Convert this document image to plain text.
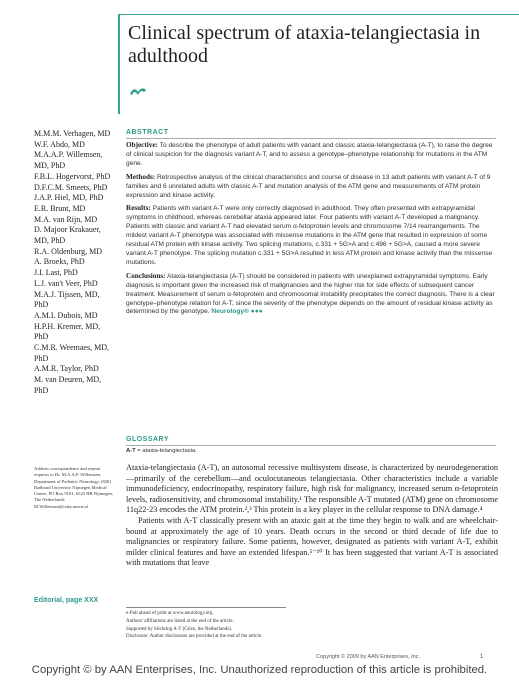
Clinical spectrum of ataxia-telangiectasia in adulthood
M.M.M. Verhagen, MD
W.F. Abdo, MD
M.A.A.P. Willemsen, MD, PhD
F.B.L. Hogervorst, PhD
D.F.C.M. Smeets, PhD
J.A.P. Hiel, MD, PhD
E.R. Brunt, MD
M.A. van Rijn, MD
D. Majoor Krakauer, MD, PhD
R.A. Oldenburg, MD
A. Broeks, PhD
J.I. Last, PhD
L.J. van't Veer, PhD
M.A.J. Tijssen, MD, PhD
A.M.I. Dubois, MD
H.P.H. Kremer, MD, PhD
C.M.R. Weemaes, MD, PhD
A.M.R. Taylor, PhD
M. van Deuren, MD, PhD
Address correspondence and reprint requests to Dr. M.A.A.P. Willemsen, Department of Pediatric Neurology, (820) Radboud University Nijmegen Medical Centre, PO Box 9101, 6525 HB Nijmegen, The Netherlands M.Willemsen@cukz.umcn.nl
Editorial, page XXX
ABSTRACT

Objective: To describe the phenotype of adult patients with variant and classic ataxia-telangiectasia (A-T), to raise the degree of clinical suspicion for the diagnosis variant A-T, and to assess a genotype–phenotype relationship for mutations in the ATM gene.

Methods: Retrospective analysis of the clinical characteristics and course of disease in 13 adult patients with variant A-T of 9 families and 6 unrelated adults with classic A-T and mutation analysis of the ATM gene and measurements of ATM protein expression and kinase activity.

Results: Patients with variant A-T were only correctly diagnosed in adulthood. They often presented with extrapyramidal symptoms in childhood, whereas cerebellar ataxia appeared later. Four patients with variant A-T developed a malignancy. Patients with classic and variant A-T had elevated serum α-fetoprotein levels and chromosome 7/14 rearrangements. The mildest variant A-T phenotype was associated with missense mutations in the ATM gene that resulted in expression of some residual ATM protein with kinase activity. Two splicing mutations, c.331 + 5G>A and c.496 + 5G>A, caused a more severe variant A-T phenotype. The splicing mutation c.331 + 5G>A resulted in less ATM protein and kinase activity than the missense mutations.

Conclusions: Ataxia-telangiectasia (A-T) should be considered in patients with unexplained extrapyramidal symptoms. Early diagnosis is important given the increased risk of malignancies and the higher risk for side effects of subsequent cancer treatment. Measurement of serum α-fetoprotein and chromosomal instability precipitates the correct diagnosis. There is a clear genotype–phenotype relation for A-T, since the severity of the phenotype depends on the amount of residual kinase activity as determined by the genotype. Neurology® ●●●

GLOSSARY
A-T = ataxia-telangiectasia.

Ataxia-telangiectasia (A-T), an autosomal recessive multisystem disease, is characterized by neurodegeneration—primarily of the cerebellum—and oculocutaneous telangiectasia. Other characteristics include a variable immunodeficiency, endocrinopathy, respiratory failure, high risk for malignancy, increased serum α-fetoprotein levels, radiosensitivity, and chromosomal instability.¹ The responsible A-T mutated (ATM) gene on chromosome 11q22-23 encodes the ATM protein.²,³ This protein is a key player in the cellular response to DNA damage.⁴

Patients with A-T classically present with an ataxic gait at the time they begin to walk and are wheelchair-bound at approximately the age of 10 years. Death occurs in the second or third decade of life due to malignancies or respiratory failure. Some patients, however, designated as patients with variant A-T, exhibit milder clinical features and have an extended lifespan.⁵⁻¹⁰ It has been suggested that variant A-T is associated with mutations that leave

e-Pub ahead of print at www.neurology.org.
Authors' affiliations are listed at the end of the article.
Supported by Stichting A-T (Gilze, the Netherlands).
Disclosure: Author disclosures are provided at the end of the article.
Copyright © 2009 by AAN Enterprises, Inc.	1
Copyright © by AAN Enterprises, Inc. Unauthorized reproduction of this article is prohibited.
